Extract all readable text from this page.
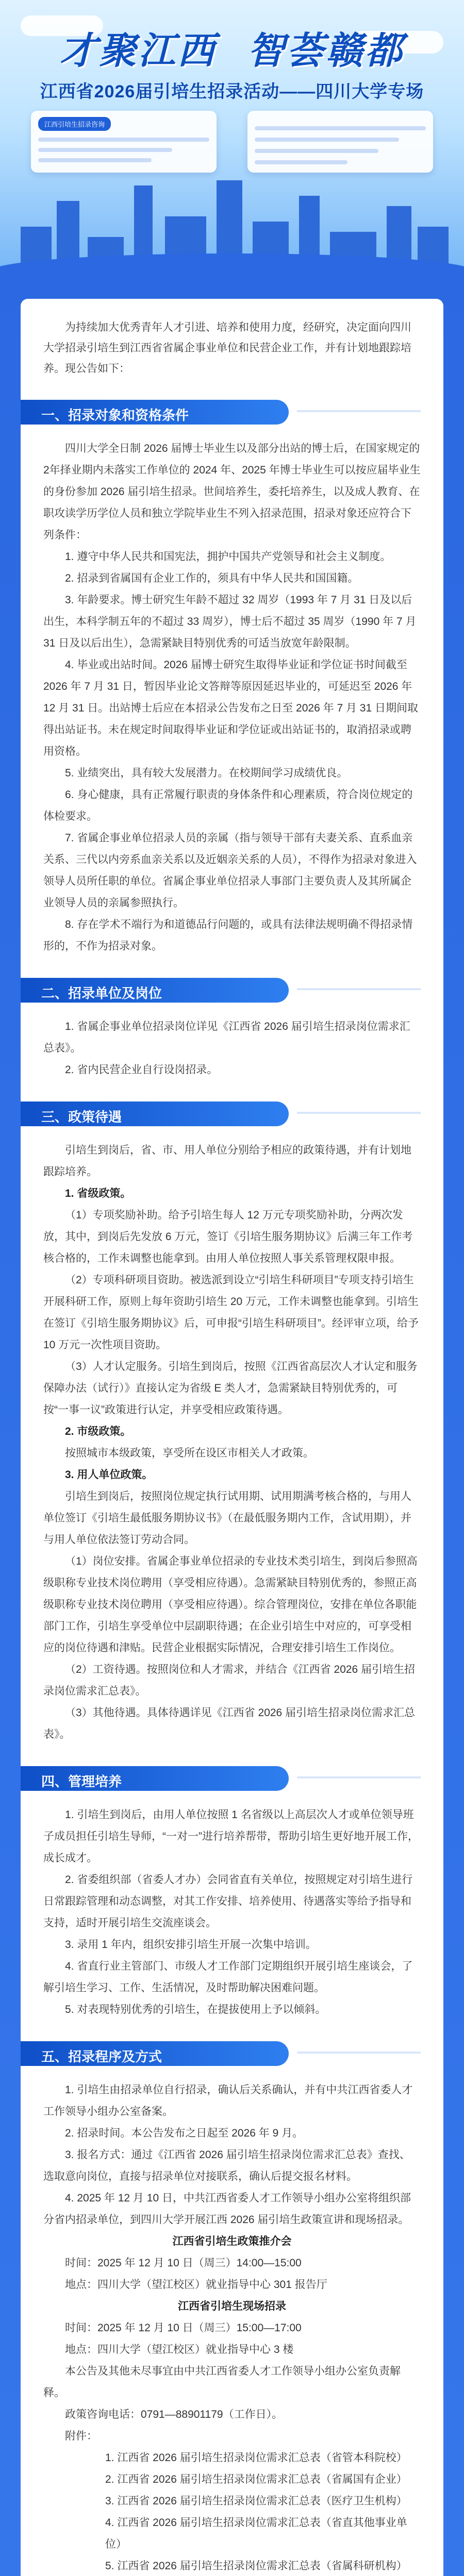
才聚江西 智荟赣都
江西省2026届引培生招录活动——四川大学专场
江西引培生招录咨询

为持续加大优秀青年人才引进、培养和使用力度，经研究，决定面向四川大学招录引培生到江西省省属企事业单位和民营企业工作，并有计划地跟踪培养。现公告如下：

一、招录对象和资格条件

四川大学全日制 2026 届博士毕业生以及部分出站的博士后，在国家规定的2年择业期内未落实工作单位的 2024 年、2025 年博士毕业生可以按应届毕业生的身份参加 2026 届引培生招录。世间培养生，委托培养生，以及成人教育、在职攻读学历学位人员和独立学院毕业生不列入招录范围，招录对象还应符合下列条件：

1. 遵守中华人民共和国宪法，拥护中国共产党领导和社会主义制度。

2. 招录到省属国有企业工作的，须具有中华人民共和国国籍。

3. 年龄要求。博士研究生年龄不超过 32 周岁（1993 年 7 月 31 日及以后出生，本科学制五年的不超过 33 周岁），博士后不超过 35 周岁（1990 年 7 月 31 日及以后出生），急需紧缺目特别优秀的可适当放宽年龄限制。

4. 毕业或出站时间。2026 届博士研究生取得毕业证和学位证书时间截至 2026 年 7 月 31 日，暂因毕业论文答辩等原因延迟毕业的，可延迟至 2026 年 12 月 31 日。出站博士后应在本招录公告发布之日至 2026 年 7 月 31 日期间取得出站证书。未在规定时间取得毕业证和学位证或出站证书的，取消招录或聘用资格。

5. 业绩突出，具有较大发展潜力。在校期间学习成绩优良。

6. 身心健康，具有正常履行职责的身体条件和心理素质，符合岗位规定的体检要求。

7. 省属企事业单位招录人员的亲属（指与领导干部有夫妻关系、直系血亲关系、三代以内旁系血亲关系以及近姻亲关系的人员），不得作为招录对象进入领导人员所任职的单位。省属企事业单位招录人事部门主要负责人及其所属企业领导人员的亲属参照执行。

8. 存在学术不端行为和道德品行问题的，或具有法律法规明确不得招录情形的，不作为招录对象。

二、招录单位及岗位

1. 省属企事业单位招录岗位详见《江西省 2026 届引培生招录岗位需求汇总表》。

2. 省内民营企业自行设岗招录。

三、政策待遇

引培生到岗后，省、市、用人单位分别给予相应的政策待遇，并有计划地跟踪培养。

1. 省级政策。

（1）专项奖励补助。给予引培生每人 12 万元专项奖励补助，分两次发放，其中，到岗后先发放 6 万元，签订《引培生服务期协议》后满三年工作考核合格的，工作未调整也能拿到。由用人单位按照人事关系管理权限申报。

（2）专项科研项目资助。被选派到设立“引培生科研项目”专项支持引培生开展科研工作，原则上每年资助引培生 20 万元，工作未调整也能拿到。引培生在签订《引培生服务期协议》后，可申报“引培生科研项目”。经评审立项，给予 10 万元一次性项目资助。

（3）人才认定服务。引培生到岗后，按照《江西省高层次人才认定和服务保障办法（试行）》直接认定为省级 E 类人才，急需紧缺目特别优秀的，可按“一事一议”政策进行认定，并享受相应政策待遇。

2. 市级政策。

按照城市本级政策，享受所在设区市相关人才政策。

3. 用人单位政策。

引培生到岗后，按照岗位规定执行试用期、试用期满考核合格的，与用人单位签订《引培生最低服务期协议书》（在最低服务期内工作，含试用期），并与用人单位依法签订劳动合同。

（1）岗位安排。省属企事业单位招录的专业技术类引培生，到岗后参照高级职称专业技术岗位聘用（享受相应待遇）。急需紧缺目特别优秀的，参照正高级职称专业技术岗位聘用（享受相应待遇）。综合管理岗位，安排在单位各职能部门工作，引培生享受单位中层副职待遇；在企业引培生中对应的，可享受相应的岗位待遇和津贴。民营企业根据实际情况，合理安排引培生工作岗位。

（2）工资待遇。按照岗位和人才需求，并结合《江西省 2026 届引培生招录岗位需求汇总表》。

（3）其他待遇。具体待遇详见《江西省 2026 届引培生招录岗位需求汇总表》。

四、管理培养

1. 引培生到岗后，由用人单位按照 1 名省级以上高层次人才或单位领导班子成员担任引培生导师，“一对一”进行培养帮带，帮助引培生更好地开展工作，成长成才。

2. 省委组织部（省委人才办）会同省直有关单位，按照规定对引培生进行日常跟踪管理和动态调整，对其工作安排、培养使用、待遇落实等给予指导和支持，适时开展引培生交流座谈会。

3. 录用 1 年内，组织安排引培生开展一次集中培训。

4. 省直行业主管部门、市级人才工作部门定期组织开展引培生座谈会，了解引培生学习、工作、生活情况，及时帮助解决困难问题。

5. 对表现特别优秀的引培生，在提拔使用上予以倾斜。

五、招录程序及方式

1. 引培生由招录单位自行招录，确认后关系确认，并有中共江西省委人才工作领导小组办公室备案。

2. 招录时间。本公告发布之日起至 2026 年 9 月。

3. 报名方式：通过《江西省 2026 届引培生招录岗位需求汇总表》查找、选取意向岗位，直接与招录单位对接联系，确认后提交报名材料。

4. 2025 年 12 月 10 日，中共江西省委人才工作领导小组办公室将组织部分省内招录单位，到四川大学开展江西 2026 届引培生政策宣讲和现场招录。

江西省引培生政策推介会

时间：2025 年 12 月 10 日（周三）14:00—15:00

地点：四川大学（望江校区）就业指导中心 301 报告厅

江西省引培生现场招录

时间：2025 年 12 月 10 日（周三）15:00—17:00

地点：四川大学（望江校区）就业指导中心 3 楼

本公告及其他未尽事宜由中共江西省委人才工作领导小组办公室负责解释。

政策咨询电话：0791—88901179（工作日）。

附件：

1. 江西省 2026 届引培生招录岗位需求汇总表（省管本科院校）

2. 江西省 2026 届引培生招录岗位需求汇总表（省属国有企业）

3. 江西省 2026 届引培生招录岗位需求汇总表（医疗卫生机构）

4. 江西省 2026 届引培生招录岗位需求汇总表（省直其他事业单位）

5. 江西省 2026 届引培生招录岗位需求汇总表（省属科研机构）
